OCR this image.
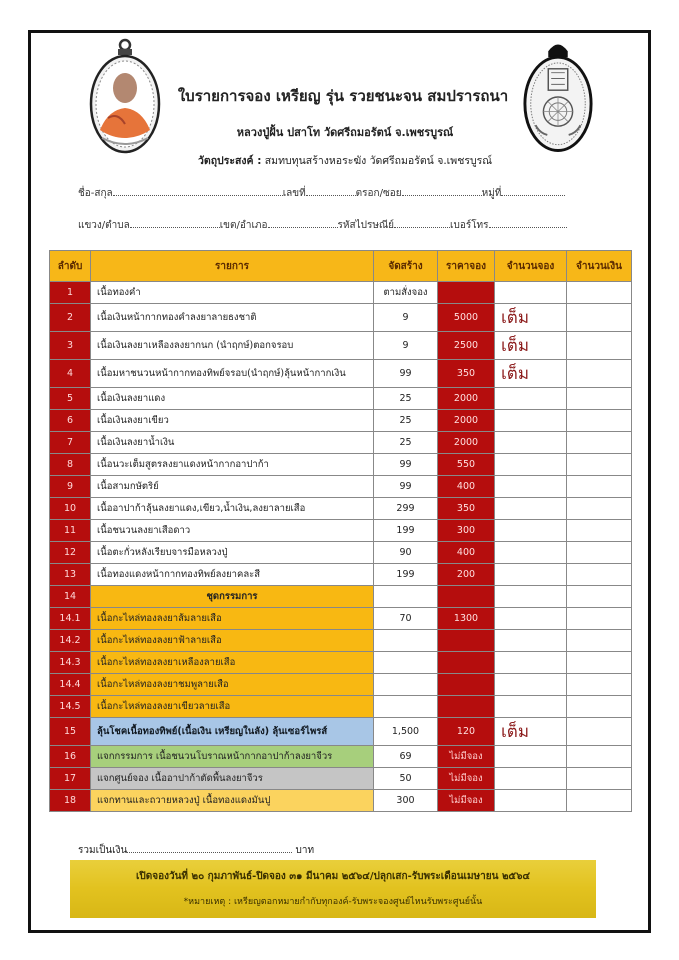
ใบรายการจอง เหรียญ รุ่น รวยชนะจน สมปรารถนา
หลวงปู่ฝั้น ปสาโท วัดศรีถมอรัตน์ จ.เพชรบูรณ์
วัตถุประสงค์ : สมทบทุนสร้างหอระฆัง วัดศรีถมอรัตน์ จ.เพชรบูรณ์
ชื่อ-สกุล	เลขที่	ตรอก/ซอย	หมู่ที่
แขวง/ตำบล	เขต/อำเภอ	รหัสไปรษณีย์	เบอร์โทร
ลำดับ	รายการ	จัดสร้าง	ราคาจอง	จำนวนจอง	จำนวนเงิน
1	เนื้อทองคำ	ตามสั่งจอง			
2	เนื้อเงินหน้ากากทองคำลงยาลายธงชาติ	9	5000	เต็ม	
3	เนื้อเงินลงยาเหลืองลงยากนก (นำฤกษ์)ตอกจรอบ	9	2500	เต็ม	
4	เนื้อมหาชนวนหน้ากากทองทิพย์จรอบ(นำฤกษ์)ลุ้นหน้ากากเงิน	99	350	เต็ม	
5	เนื้อเงินลงยาแดง	25	2000		
6	เนื้อเงินลงยาเขียว	25	2000		
7	เนื้อเงินลงยาน้ำเงิน	25	2000		
8	เนื้อนวะเต็มสูตรลงยาแดงหน้ากากอาปาก้า	99	550		
9	เนื้อสามกษัตริย์	99	400		
10	เนื้ออาปาก้าลุ้นลงยาแดง,เขียว,น้ำเงิน,ลงยาลายเสือ	299	350		
11	เนื้อชนวนลงยาเสือดาว	199	300		
12	เนื้อตะกั่วหลังเรียบจารมือหลวงปู่	90	400		
13	เนื้อทองแดงหน้ากากทองทิพย์ลงยาคละสี	199	200		
14	ชุดกรรมการ				
14.1	เนื้อกะไหล่ทองลงยาส้มลายเสือ	70	1300		
14.2	เนื้อกะไหล่ทองลงยาฟ้าลายเสือ				
14.3	เนื้อกะไหล่ทองลงยาเหลืองลายเสือ				
14.4	เนื้อกะไหล่ทองลงยาชมพูลายเสือ				
14.5	เนื้อกะไหล่ทองลงยาเขียวลายเสือ				
15	ลุ้นโชคเนื้อทองทิพย์(เนื้อเงิน เหรียญในลัง) ลุ้นเซอร์ไพรส์	1,500	120	เต็ม	
16	แจกกรรมการ เนื้อชนวนโบราณหน้ากากอาปาก้าลงยาจีวร	69	ไม่มีจอง		
17	แจกศูนย์จอง เนื้ออาปาก้าตัดพื้นลงยาจีวร	50	ไม่มีจอง		
18	แจกทานและถวายหลวงปู่ เนื้อทองแดงมันปู	300	ไม่มีจอง		
รวมเป็นเงิน	บาท
เปิดจองวันที่ ๒๐ กุมภาพันธ์-ปิดจอง ๓๑ มีนาคม ๒๕๖๔/ปลุกเสก-รับพระเดือนเมษายน ๒๕๖๔
*หมายเหตุ : เหรียญตอกหมายกำกับทุกองค์-รับพระจองศูนย์ไหนรับพระศูนย์นั้น
